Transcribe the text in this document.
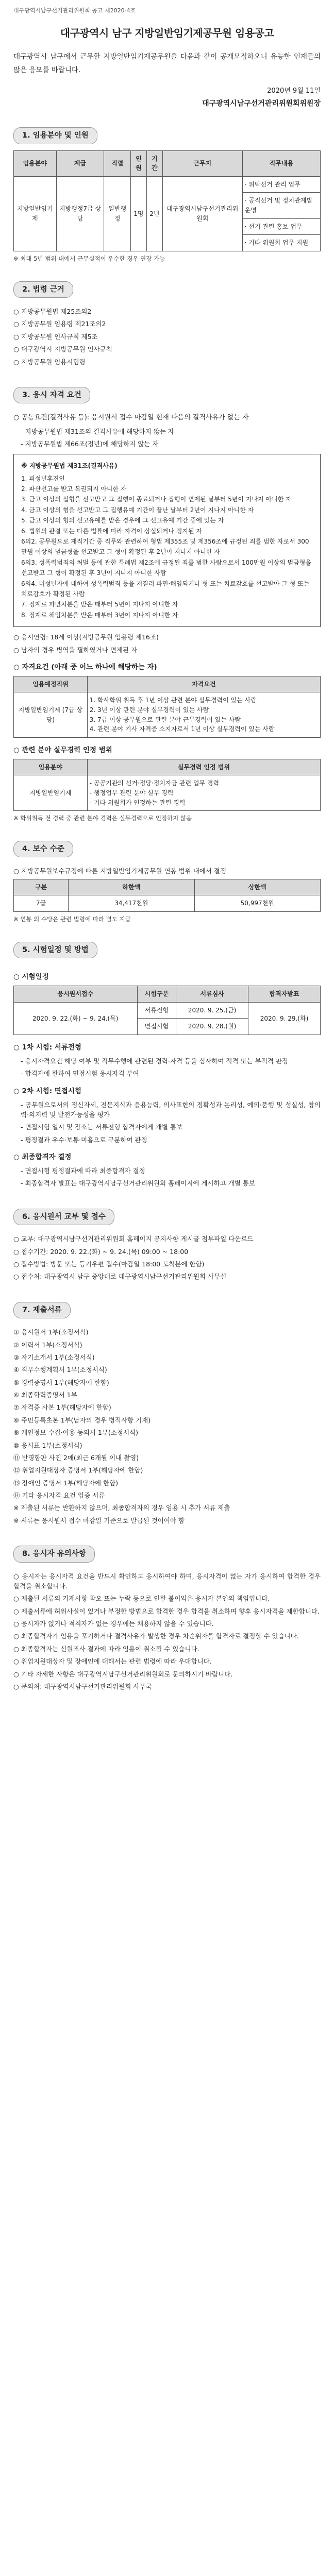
대구광역시남구선거관리위원회 공고 제2020-4호
대구광역시 남구 지방일반임기제공무원 임용공고
대구광역시 남구에서 근무할 지방일반임기제공무원을 다음과 같이 공개모집하오니 유능한 인재들의 많은 응모를 바랍니다.
2020년 9월 11일
대구광역시남구선거관리위원회위원장
1. 임용분야 및 인원
임용분야	계급	직렬	인원	기간	근무지	직무내용
지방일반임기제	지방행정7급 상당	일반행정	1명	2년	대구광역시남구선거관리위원회	· 위탁선거 관리 업무
						· 공직선거 및 정치관계법 운영
						· 선거 관련 홍보 업무
						· 기타 위원회 업무 지원
※ 최대 5년 범위 내에서 근무실적이 우수한 경우 연장 가능
2. 법령 근거
○ 지방공무원법 제25조의2
○ 지방공무원 임용령 제21조의2
○ 지방공무원 인사규칙 제5조
○ 대구광역시 지방공무원 인사규칙
○ 지방공무원 임용시험령
3. 응시 자격 요건
○ 공통요건(결격사유 등): 응시원서 접수 마감일 현재 다음의 결격사유가 없는 자
- 지방공무원법 제31조의 결격사유에 해당하지 않는 자
- 지방공무원법 제66조(정년)에 해당하지 않는 자
※ 지방공무원법 제31조(결격사유)
1. 피성년후견인
2. 파산선고를 받고 복권되지 아니한 자
3. 금고 이상의 실형을 선고받고 그 집행이 종료되거나 집행이 면제된 날부터 5년이 지나지 아니한 자
4. 금고 이상의 형을 선고받고 그 집행유예 기간이 끝난 날부터 2년이 지나지 아니한 자
5. 금고 이상의 형의 선고유예를 받은 경우에 그 선고유예 기간 중에 있는 자
6. 법원의 판결 또는 다른 법률에 따라 자격이 상실되거나 정지된 자
6의2. 공무원으로 재직기간 중 직무와 관련하여 형법 제355조 및 제356조에 규정된 죄를 범한 자로서 300만원 이상의 벌금형을 선고받고 그 형이 확정된 후 2년이 지나지 아니한 자
6의3. 성폭력범죄의 처벌 등에 관한 특례법 제2조에 규정된 죄를 범한 사람으로서 100만원 이상의 벌금형을 선고받고 그 형이 확정된 후 3년이 지나지 아니한 사람
6의4. 미성년자에 대하여 성폭력범죄 등을 저질러 파면·해임되거나 형 또는 치료감호를 선고받아 그 형 또는 치료감호가 확정된 사람
7. 징계로 파면처분을 받은 때부터 5년이 지나지 아니한 자
8. 징계로 해임처분을 받은 때부터 3년이 지나지 아니한 자
○ 응시연령: 18세 이상(지방공무원 임용령 제16조)
○ 남자의 경우 병역을 필하였거나 면제된 자
○ 자격요건 (아래 중 어느 하나에 해당하는 자)
임용예정직위	자격요건
지방일반임기제 (7급 상당)	1. 학사학위 취득 후 1년 이상 관련 분야 실무경력이 있는 사람
2. 3년 이상 관련 분야 실무경력이 있는 사람
3. 7급 이상 공무원으로 관련 분야 근무경력이 있는 사람
4. 관련 분야 기사 자격증 소지자로서 1년 이상 실무경력이 있는 사람
○ 관련 분야 실무경력 인정 범위
임용분야	실무경력 인정 범위
지방일반임기제	- 공공기관의 선거·정당·정치자금 관련 업무 경력
- 행정업무 관련 분야 실무 경력
- 기타 위원회가 인정하는 관련 경력
※ 학위취득 전 경력 중 관련 분야 경력은 실무경력으로 인정하지 않음
4. 보수 수준
○ 지방공무원보수규정에 따른 지방일반임기제공무원 연봉 범위 내에서 결정
구분	하한액	상한액
7급	34,417천원	50,997천원
※ 연봉 외 수당은 관련 법령에 따라 별도 지급
5. 시험일정 및 방법
○ 시험일정
응시원서접수	시험구분	서류심사	합격자발표
2020. 9. 22.(화) ~ 9. 24.(목)	서류전형	2020. 9. 25.(금)	2020. 9. 29.(화)
	면접시험	2020. 9. 28.(월)	
○ 1차 시험: 서류전형
- 응시자격요건 해당 여부 및 직무수행에 관련된 경력·자격 등을 심사하여 적격 또는 부적격 판정
- 합격자에 한하여 면접시험 응시자격 부여
○ 2차 시험: 면접시험
- 공무원으로서의 정신자세, 전문지식과 응용능력, 의사표현의 정확성과 논리성, 예의·품행 및 성실성, 창의력·의지력 및 발전가능성을 평가
- 면접시험 일시 및 장소는 서류전형 합격자에게 개별 통보
- 평정결과 우수·보통·미흡으로 구분하여 판정
○ 최종합격자 결정
- 면접시험 평정결과에 따라 최종합격자 결정
- 최종합격자 발표는 대구광역시남구선거관리위원회 홈페이지에 게시하고 개별 통보
6. 응시원서 교부 및 접수
○ 교부: 대구광역시남구선거관리위원회 홈페이지 공지사항 게시글 첨부파일 다운로드
○ 접수기간: 2020. 9. 22.(화) ~ 9. 24.(목) 09:00 ~ 18:00
○ 접수방법: 방문 또는 등기우편 접수(마감일 18:00 도착분에 한함)
○ 접수처: 대구광역시 남구 중앙대로 대구광역시남구선거관리위원회 사무실
7. 제출서류
① 응시원서 1부(소정서식)
② 이력서 1부(소정서식)
③ 자기소개서 1부(소정서식)
④ 직무수행계획서 1부(소정서식)
⑤ 경력증명서 1부(해당자에 한함)
⑥ 최종학력증명서 1부
⑦ 자격증 사본 1부(해당자에 한함)
⑧ 주민등록초본 1부(남자의 경우 병적사항 기재)
⑨ 개인정보 수집·이용 동의서 1부(소정서식)
⑩ 응시표 1부(소정서식)
⑪ 반명함판 사진 2매(최근 6개월 이내 촬영)
⑫ 취업지원대상자 증명서 1부(해당자에 한함)
⑬ 장애인 증명서 1부(해당자에 한함)
⑭ 기타 응시자격 요건 입증 서류
※ 제출된 서류는 반환하지 않으며, 최종합격자의 경우 임용 시 추가 서류 제출
※ 서류는 응시원서 접수 마감일 기준으로 발급된 것이어야 함
8. 응시자 유의사항
○ 응시자는 응시자격 요건을 반드시 확인하고 응시하여야 하며, 응시자격이 없는 자가 응시하여 합격한 경우 합격을 취소합니다.
○ 제출된 서류의 기재사항 착오 또는 누락 등으로 인한 불이익은 응시자 본인의 책임입니다.
○ 제출서류에 허위사실이 있거나 부정한 방법으로 합격한 경우 합격을 취소하며 향후 응시자격을 제한합니다.
○ 응시자가 없거나 적격자가 없는 경우에는 채용하지 않을 수 있습니다.
○ 최종합격자가 임용을 포기하거나 결격사유가 발생한 경우 차순위자를 합격자로 결정할 수 있습니다.
○ 최종합격자는 신원조사 결과에 따라 임용이 취소될 수 있습니다.
○ 취업지원대상자 및 장애인에 대해서는 관련 법령에 따라 우대합니다.
○ 기타 자세한 사항은 대구광역시남구선거관리위원회로 문의하시기 바랍니다.
○ 문의처: 대구광역시남구선거관리위원회 사무국
